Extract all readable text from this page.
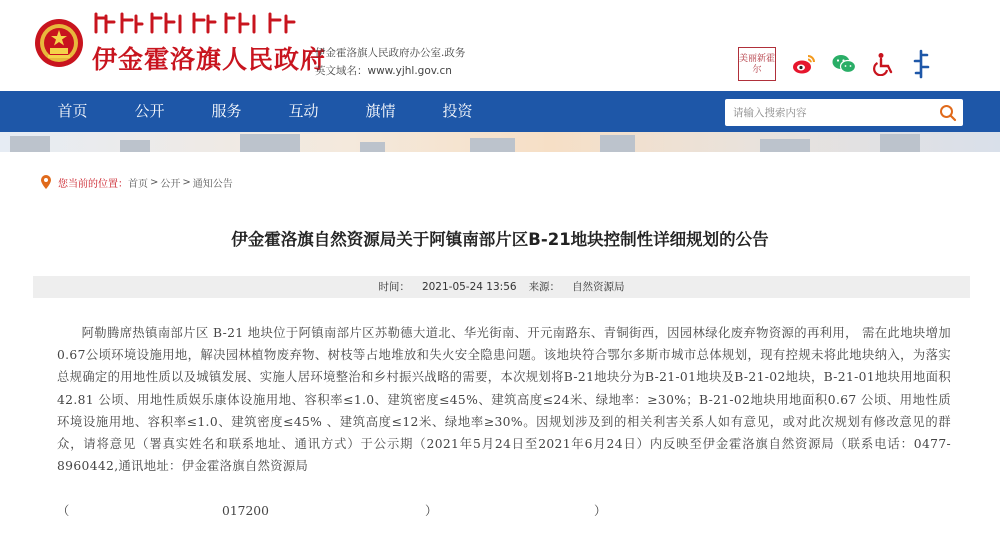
伊金霍洛旗人民政府
伊金霍洛旗人民政府办公室.政务
英文域名：www.yjhl.gov.cn
美丽新霍尔
首页	公开	服务	互动	旗情	投资
请输入搜索内容
您当前的位置： 首页 > 公开 > 通知公告
伊金霍洛旗自然资源局关于阿镇南部片区B-21地块控制性详细规划的公告
时间： 2021-05-24 13:56 来源： 自然资源局

阿勒腾席热镇南部片区 B-21 地块位于阿镇南部片区苏勒德大道北、华光街南、开元南路东、青铜街西，因园林绿化废弃物资源的再利用， 需在此地块增加0.67公顷环境设施用地，解决园林植物废弃物、树枝等占地堆放和失火安全隐患问题。该地块符合鄂尔多斯市城市总体规划，现有控规未将此地块纳入，为落实总规确定的用地性质以及城镇发展、实施人居环境整治和乡村振兴战略的需要，本次规划将B-21地块分为B-21-01地块及B-21-02地块，B-21-01地块用地面积42.81 公顷、用地性质娱乐康体设施用地、容积率≤1.0、建筑密度≤45%、建筑高度≤24米、绿地率：≥30%；B-21-02地块用地面积0.67 公顷、用地性质环境设施用地、容积率≤1.0、建筑密度≤45% 、建筑高度≤12米、绿地率≥30%。因规划涉及到的相关利害关系人如有意见，或对此次规划有修改意见的群众，请将意见（署真实姓名和联系地址、通讯方式）于公示期（2021年5月24日至2021年6月24日）内反映至伊金霍洛旗自然资源局（联系电话：0477-8960442,通讯地址：伊金霍洛旗自然资源局

（	017200	）	）
